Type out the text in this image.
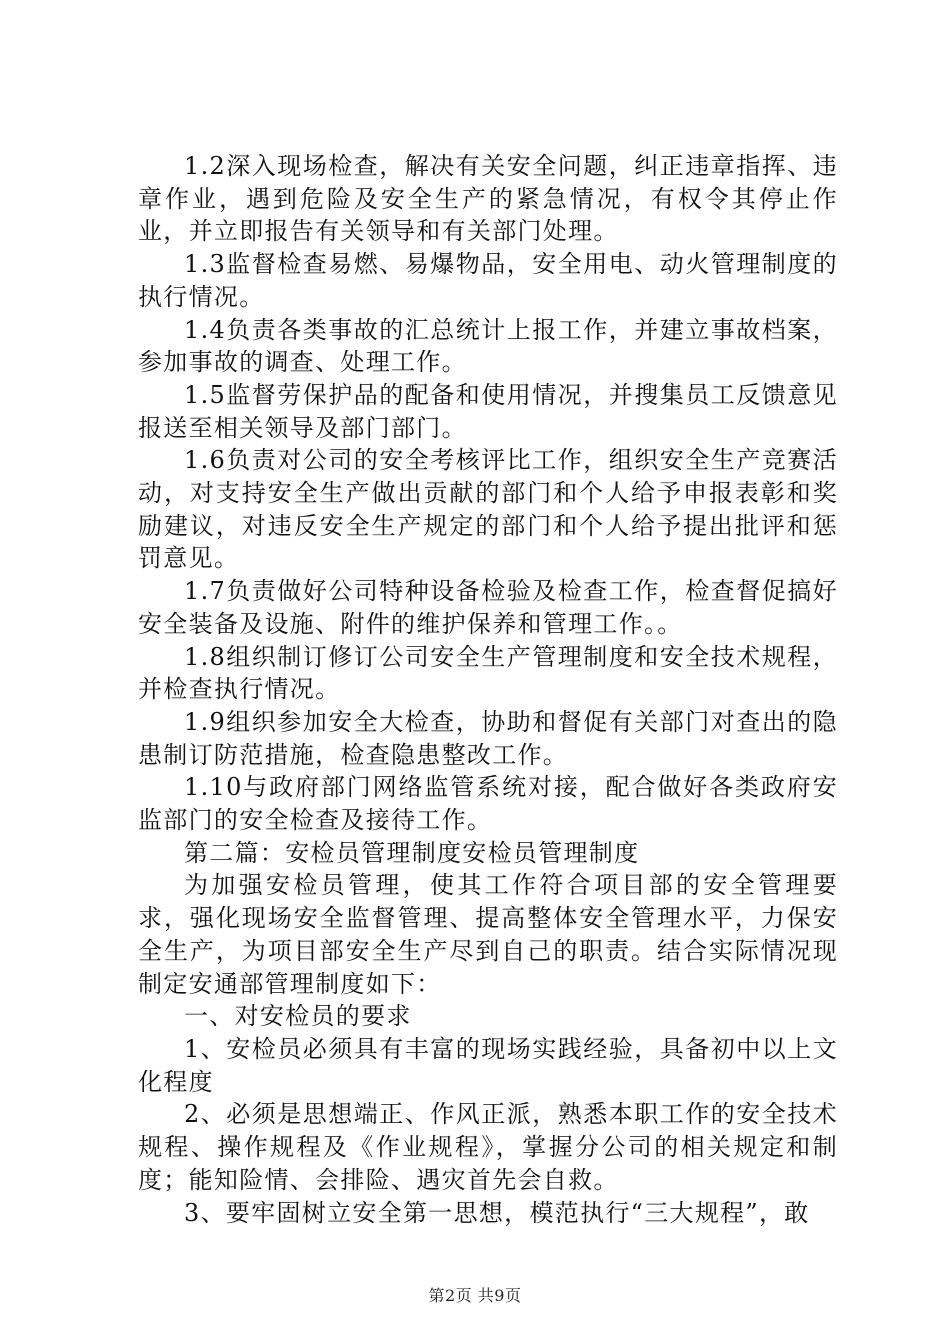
1.2深入现场检查，解决有关安全问题，纠正违章指挥、违章作业，遇到危险及安全生产的紧急情况，有权令其停止作业，并立即报告有关领导和有关部门处理。

1.3监督检查易燃、易爆物品，安全用电、动火管理制度的执行情况。

1.4负责各类事故的汇总统计上报工作，并建立事故档案，参加事故的调查、处理工作。

1.5监督劳保护品的配备和使用情况，并搜集员工反馈意见报送至相关领导及部门部门。

1.6负责对公司的安全考核评比工作，组织安全生产竞赛活动，对支持安全生产做出贡献的部门和个人给予申报表彰和奖励建议，对违反安全生产规定的部门和个人给予提出批评和惩罚意见。

1.7负责做好公司特种设备检验及检查工作，检查督促搞好安全装备及设施、附件的维护保养和管理工作。。

1.8组织制订修订公司安全生产管理制度和安全技术规程，并检查执行情况。

1.9组织参加安全大检查，协助和督促有关部门对查出的隐患制订防范措施，检查隐患整改工作。

1.10与政府部门网络监管系统对接，配合做好各类政府安监部门的安全检查及接待工作。

第二篇：安检员管理制度安检员管理制度

为加强安检员管理，使其工作符合项目部的安全管理要求，强化现场安全监督管理、提高整体安全管理水平，力保安全生产，为项目部安全生产尽到自己的职责。结合实际情况现制定安通部管理制度如下：

一、对安检员的要求

1、安检员必须具有丰富的现场实践经验，具备初中以上文化程度

2、必须是思想端正、作风正派，熟悉本职工作的安全技术规程、操作规程及《作业规程》，掌握分公司的相关规定和制度；能知险情、会排险、遇灾首先会自救。

3、要牢固树立安全第一思想，模范执行“三大规程”，敢

第2页 共9页
